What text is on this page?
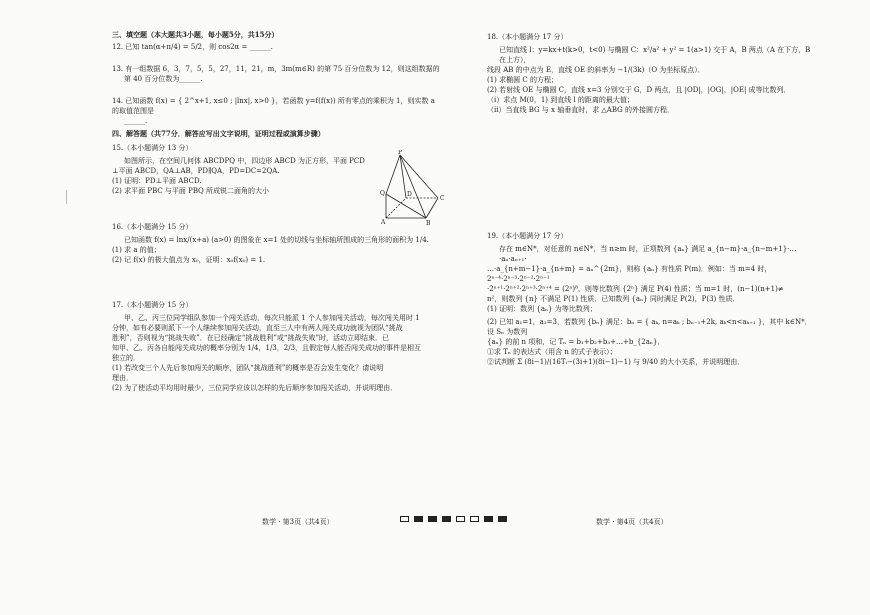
三、填空题（本大题共3小题，每小题5分，共15分）
12. 已知 tan(α+π/4) = 5/2，则 cos2α = ______.
13. 有一组数据 6，3，7，5，5，27，11，21，m，3m(m∈R) 的第 75 百分位数为 12，则这组数据的
第 40 百分位数为______.
14. 已知函数 f(x) = { 2^x+1, x≤0 ; |lnx|, x>0 }，若函数 y=f(f(x)) 所有零点的乘积为 1，则实数 a 的取值范围是
______.
四、解答题（共77分．解答应写出文字说明，证明过程或演算步骤）
15.（本小题满分 13 分）
如图所示，在空间几何体 ABCDPQ 中，四边形 ABCD 为正方形，平面 PCD
⊥平面 ABCD，QA⊥AB，PD∥QA，PD=DC=2QA.
(1) 证明：PD⊥平面 ABCD.
(2) 求平面 PBC 与平面 PBQ 所成锐二面角的大小
16.（本小题满分 15 分）
已知函数 f(x) = lnx/(x+a) (a>0) 的图象在 x=1 处的切线与坐标轴所围成的三角形的面积为 1/4.
(1) 求 a 的值；
(2) 记 f(x) 的极大值点为 x₀，证明：x₀f(x₀) = 1.
17.（本小题满分 15 分）
甲、乙、丙三位同学组队参加一个闯关活动，每次只能派 1 个人参加闯关活动，每次闯关用时 1
分钟，如有必要则派下一个人继续参加闯关活动，直至三人中有两人闯关成功就视为团队“挑战
胜利”，否则视为“挑战失败”．在已经确定“挑战胜利”或“挑战失败”时，活动立即结束．已
知甲、乙、丙各自能闯关成功的概率分别为 1/4，1/3，2/3，且假定每人能否闯关成功的事件是相互
独立的．
(1) 若改变三个人先后参加闯关的顺序，团队“挑战胜利”的概率是否会发生变化？请说明
理由．
(2) 为了使活动平均用时最少，三位同学应该以怎样的先后顺序参加闯关活动，并说明理由．
P
Q	D
C
A	B
18.（本小题满分 17 分）
已知直线 l：y=kx+t(k>0，t<0) 与椭圆 C：x²/a² + y² = 1(a>1) 交于 A，B 两点（A 在下方，B 在上方），
线段 AB 的中点为 E，直线 OE 的斜率为 −1/(3k)（O 为坐标原点）．
(1) 求椭圆 C 的方程；
(2) 若射线 OE 与椭圆 C，直线 x=3 分别交于 G，D 两点，且 |OD|，|OG|，|OE| 成等比数列．
（ⅰ）求点 M(0，1) 到直线 l 的距离的最大值；
（ⅱ）当直线 BG 与 x 轴垂直时，求 △ABG 的外接圆方程．
19.（本小题满分 17 分）
存在 m∈N*，对任意的 n∈N*，当 n≥m 时，正项数列 {aₙ} 满足 a_{n−m}·a_{n−m+1}·…·aₙ·aₙ₊₁·
…·a_{n+m−1}·a_{n+m} = aₙ^{2m}，则称 {aₙ} 有性质 P(m)．例如：当 m=4 时，2ⁿ⁻⁴·2ⁿ⁻³·2ⁿ⁻²·2ⁿ⁻¹
·2ⁿ⁺¹·2ⁿ⁺²·2ⁿ⁺³·2ⁿ⁺⁴ = (2ⁿ)⁸，则等比数列 {2ⁿ} 满足 P(4) 性质；当 m=1 时，(n−1)(n+1)≠
n²，则数列 {n} 不满足 P(1) 性质．已知数列 {aₙ} 同时满足 P(2)，P(3) 性质．
(1) 证明：数列 {aₙ} 为等比数列；
(2) 已知 a₁=1，a₂=3，若数列 {bₙ} 满足：bₙ = { aₖ, n=aₖ ; bₙ₋₁+2k, aₖ<n<aₖ₊₁ }，其中 k∈N*．设 Sₙ 为数列
{aₙ} 的前 n 项和，记 Tₙ = b₁+b₂+b₃+…+b_{2aₙ}．
①求 Tₙ 的表达式（用含 n 的式子表示）；
②试判断 Σ (8i−1)/(16Tᵢ−(3i+1)(8i−1)−1) 与 9/40 的大小关系，并说明理由．
数学 · 第3页（共4页）	数学 · 第4页（共4页）
